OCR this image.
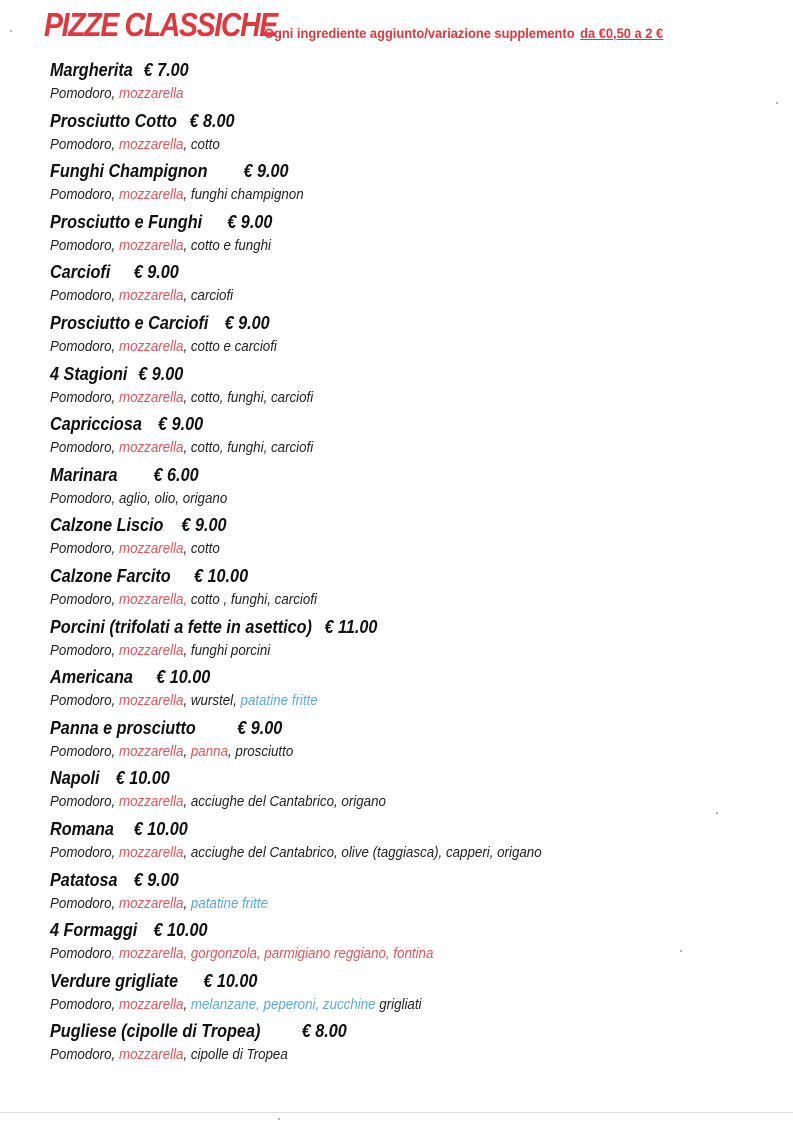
PIZZE CLASSICHE
Ogni ingrediente aggiunto/variazione supplemento da €0,50 a 2 €
Margherita € 7.00
Pomodoro, mozzarella
Prosciutto Cotto € 8.00
Pomodoro, mozzarella, cotto
Funghi Champignon € 9.00
Pomodoro, mozzarella, funghi champignon
Prosciutto e Funghi € 9.00
Pomodoro, mozzarella, cotto e funghi
Carciofi € 9.00
Pomodoro, mozzarella, carciofi
Prosciutto e Carciofi € 9.00
Pomodoro, mozzarella, cotto e carciofi
4 Stagioni € 9.00
Pomodoro, mozzarella, cotto, funghi, carciofi
Capricciosa € 9.00
Pomodoro, mozzarella, cotto, funghi, carciofi
Marinara € 6.00
Pomodoro, aglio, olio, origano
Calzone Liscio € 9.00
Pomodoro, mozzarella, cotto
Calzone Farcito € 10.00
Pomodoro, mozzarella, cotto , funghi, carciofi
Porcini (trifolati a fette in asettico) € 11.00
Pomodoro, mozzarella, funghi porcini
Americana € 10.00
Pomodoro, mozzarella, wurstel, patatine fritte
Panna e prosciutto € 9.00
Pomodoro, mozzarella, panna, prosciutto
Napoli € 10.00
Pomodoro, mozzarella, acciughe del Cantabrico, origano
Romana € 10.00
Pomodoro, mozzarella, acciughe del Cantabrico, olive (taggiasca), capperi, origano
Patatosa € 9.00
Pomodoro, mozzarella, patatine fritte
4 Formaggi € 10.00
Pomodoro, mozzarella, gorgonzola, parmigiano reggiano, fontina
Verdure grigliate € 10.00
Pomodoro, mozzarella, melanzane, peperoni, zucchine grigliati
Pugliese (cipolle di Tropea) € 8.00
Pomodoro, mozzarella, cipolle di Tropea
